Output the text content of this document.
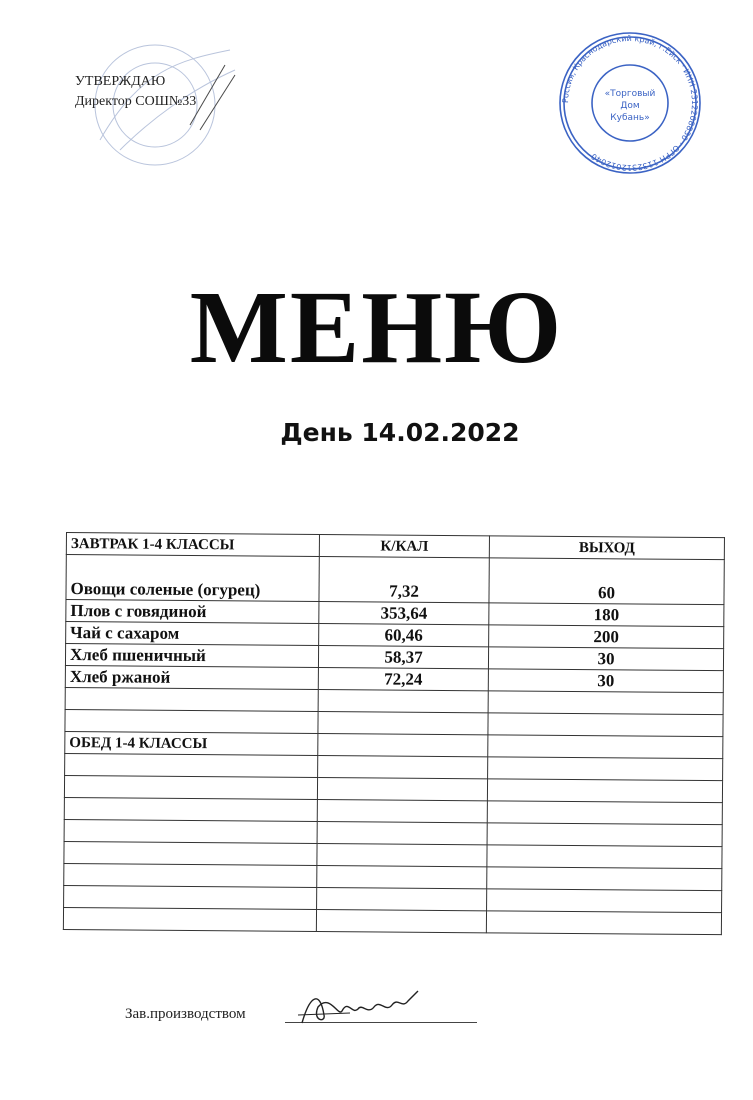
УТВЕРЖДАЮ
Директор СОШ№33	Россия, Краснодарский край, г.Ейск · ИНН 2312208830 · ОГРН 1132312012040
«Торговый
Дом
Кубань»
МЕНЮ
День 14.02.2022
ЗАВТРАК 1-4 КЛАССЫ	К/КАЛ	ВЫХОД
Овощи соленые (огурец)	7,32	60
Плов с говядиной	353,64	180
Чай с сахаром	60,46	200
Хлеб пшеничный	58,37	30
Хлеб ржаной	72,24	30

ОБЕД 1-4 КЛАССЫ		

Зав.производством
